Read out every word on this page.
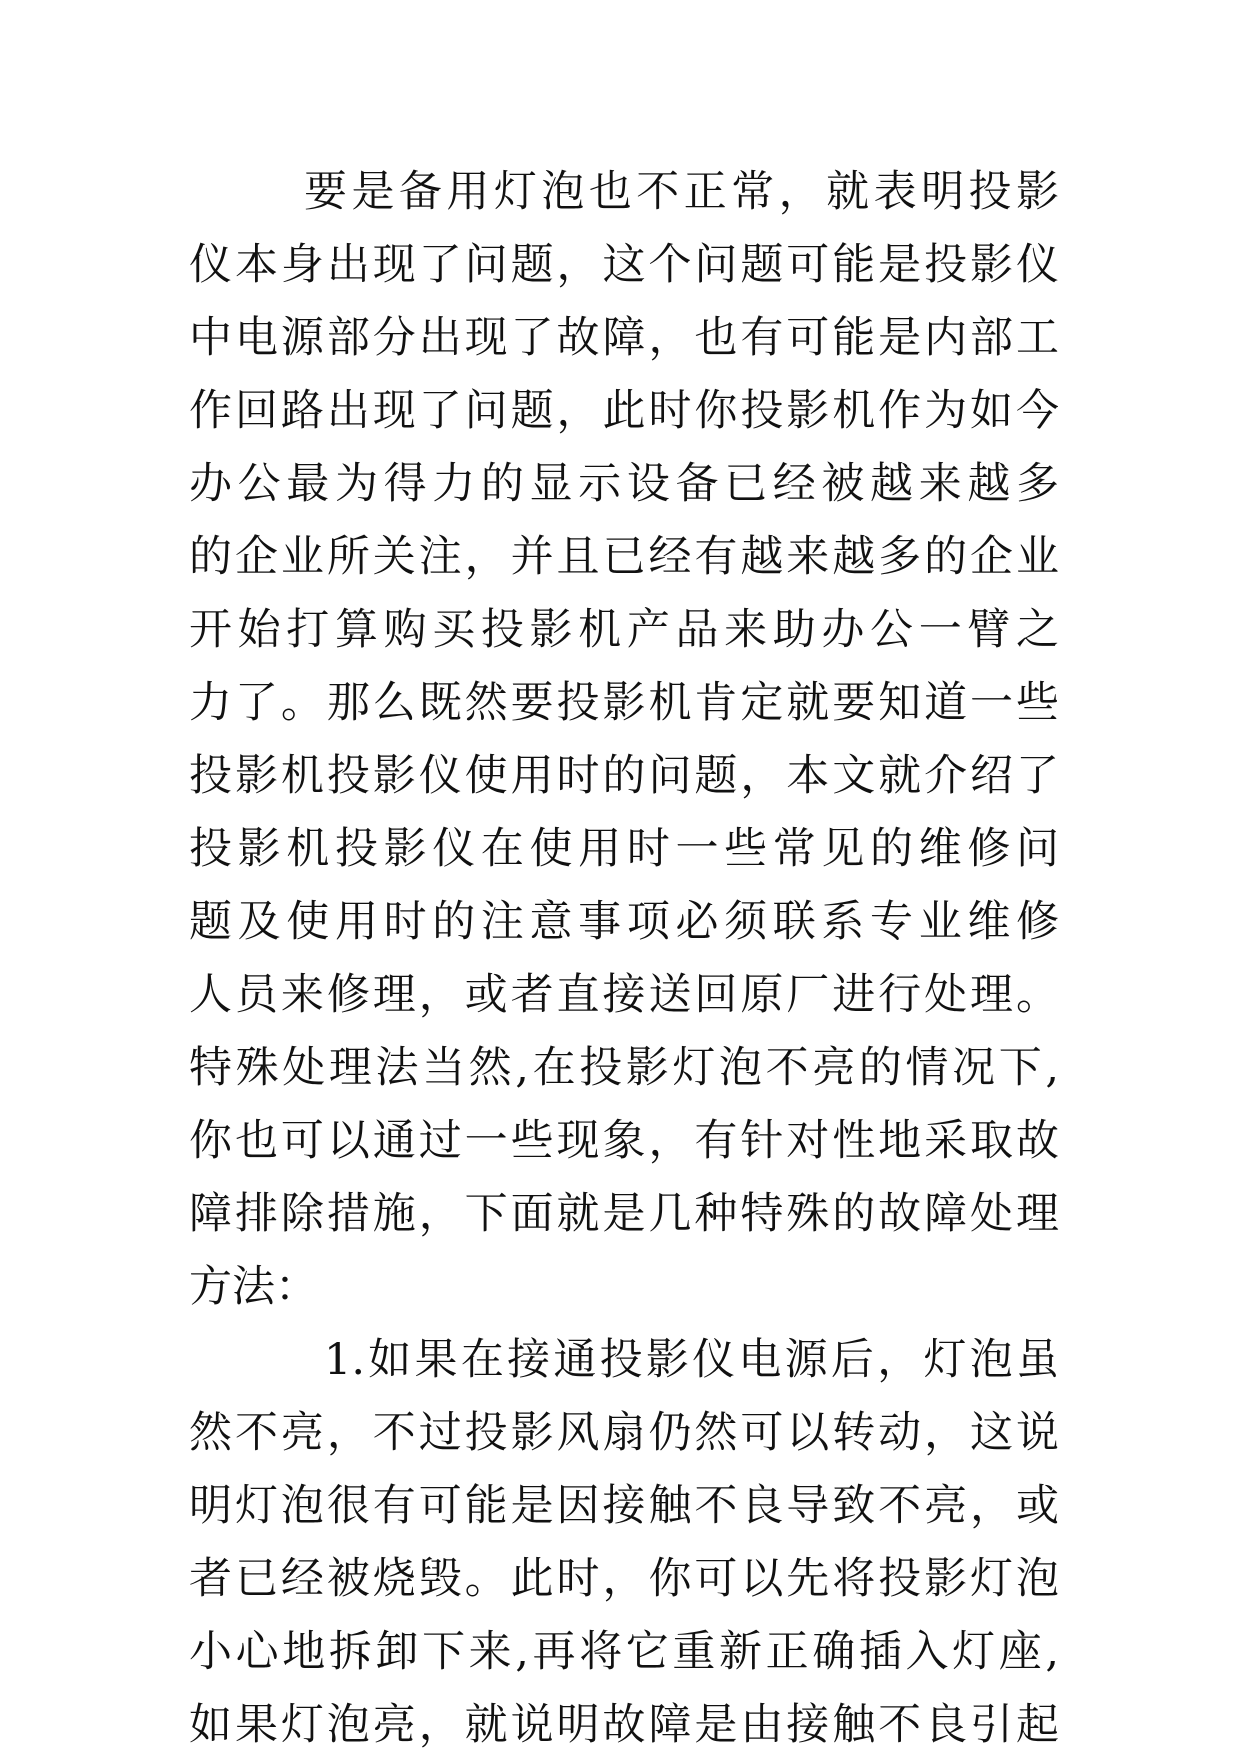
要是备用灯泡也不正常，就表明投影
仪本身出现了问题，这个问题可能是投影仪
中电源部分出现了故障，也有可能是内部工
作回路出现了问题，此时你投影机作为如今
办公最为得力的显示设备已经被越来越多
的企业所关注，并且已经有越来越多的企业
开始打算购买投影机产品来助办公一臂之
力了。那么既然要投影机肯定就要知道一些
投影机投影仪使用时的问题，本文就介绍了
投影机投影仪在使用时一些常见的维修问
题及使用时的注意事项必须联系专业维修
人员来修理，或者直接送回原厂进行处理。
特殊处理法当然,在投影灯泡不亮的情况下,
你也可以通过一些现象，有针对性地采取故
障排除措施，下面就是几种特殊的故障处理
方法：
1.如果在接通投影仪电源后，灯泡虽
然不亮，不过投影风扇仍然可以转动，这说
明灯泡很有可能是因接触不良导致不亮，或
者已经被烧毁。此时，你可以先将投影灯泡
小心地拆卸下来,再将它重新正确插入灯座,
如果灯泡亮，就说明故障是由接触不良引起
